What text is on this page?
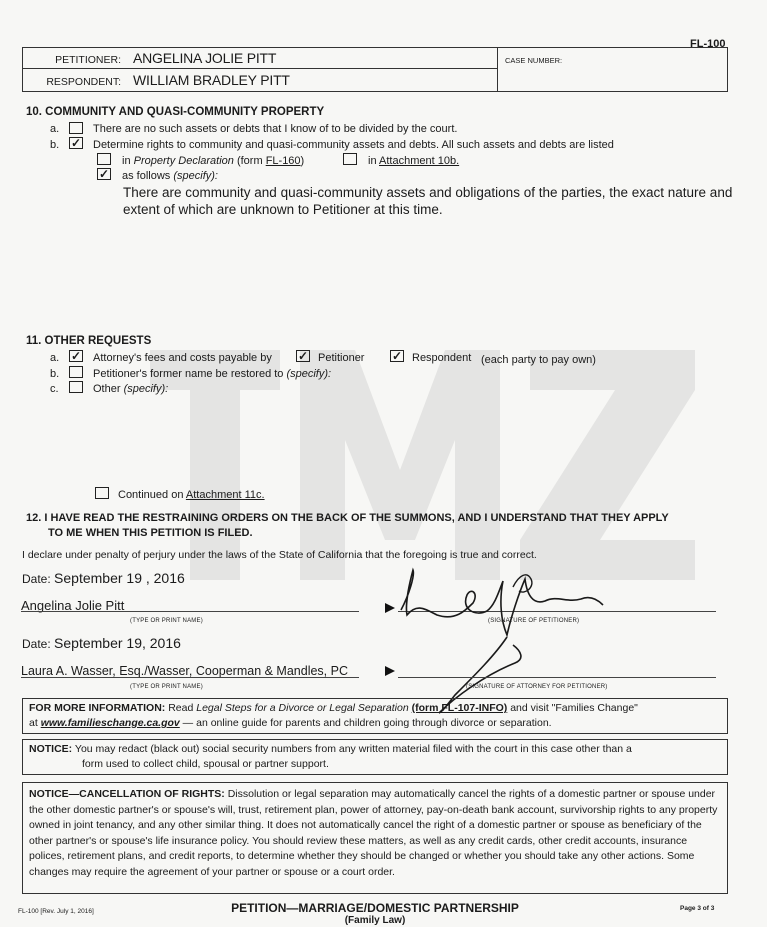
FL-100
PETITIONER: ANGELINA JOLIE PITT
RESPONDENT: WILLIAM BRADLEY PITT
CASE NUMBER:
10. COMMUNITY AND QUASI-COMMUNITY PROPERTY
a.	There are no such assets or debts that I know of to be divided by the court.
b. ✓ Determine rights to community and quasi-community assets and debts. All such assets and debts are listed
in Property Declaration (form FL-160)	in Attachment 10b.
✓ as follows (specify):
There are community and quasi-community assets and obligations of the parties, the exact nature and extent of which are unknown to Petitioner at this time.
11. OTHER REQUESTS
a. ✓ Attorney's fees and costs payable by ✓ Petitioner ✓ Respondent (each party to pay own)
b.	Petitioner's former name be restored to (specify):
c.	Other (specify):
Continued on Attachment 11c.
12. I HAVE READ THE RESTRAINING ORDERS ON THE BACK OF THE SUMMONS, AND I UNDERSTAND THAT THEY APPLY
TO ME WHEN THIS PETITION IS FILED.
I declare under penalty of perjury under the laws of the State of California that the foregoing is true and correct.
Date: September 19 , 2016
Angelina Jolie Pitt
(TYPE OR PRINT NAME)	(SIGNATURE OF PETITIONER)
Date: September 19, 2016
Laura A. Wasser, Esq./Wasser, Cooperman & Mandles, PC
(TYPE OR PRINT NAME)	(SIGNATURE OF ATTORNEY FOR PETITIONER)
FOR MORE INFORMATION: Read Legal Steps for a Divorce or Legal Separation (form FL-107-INFO) and visit "Families Change"
at www.familieschange.ca.gov — an online guide for parents and children going through divorce or separation.
NOTICE: You may redact (black out) social security numbers from any written material filed with the court in this case other than a
form used to collect child, spousal or partner support.
NOTICE—CANCELLATION OF RIGHTS: Dissolution or legal separation may automatically cancel the rights of a domestic partner or spouse under the other domestic partner's or spouse's will, trust, retirement plan, power of attorney, pay-on-death bank account, survivorship rights to any property owned in joint tenancy, and any other similar thing. It does not automatically cancel the right of a domestic partner or spouse as beneficiary of the other partner's or spouse's life insurance policy. You should review these matters, as well as any credit cards, other credit accounts, insurance polices, retirement plans, and credit reports, to determine whether they should be changed or whether you should take any other actions. Some changes may require the agreement of your partner or spouse or a court order.
FL-100 [Rev. July 1, 2016]	PETITION—MARRIAGE/DOMESTIC PARTNERSHIP
(Family Law)
Page 3 of 3
